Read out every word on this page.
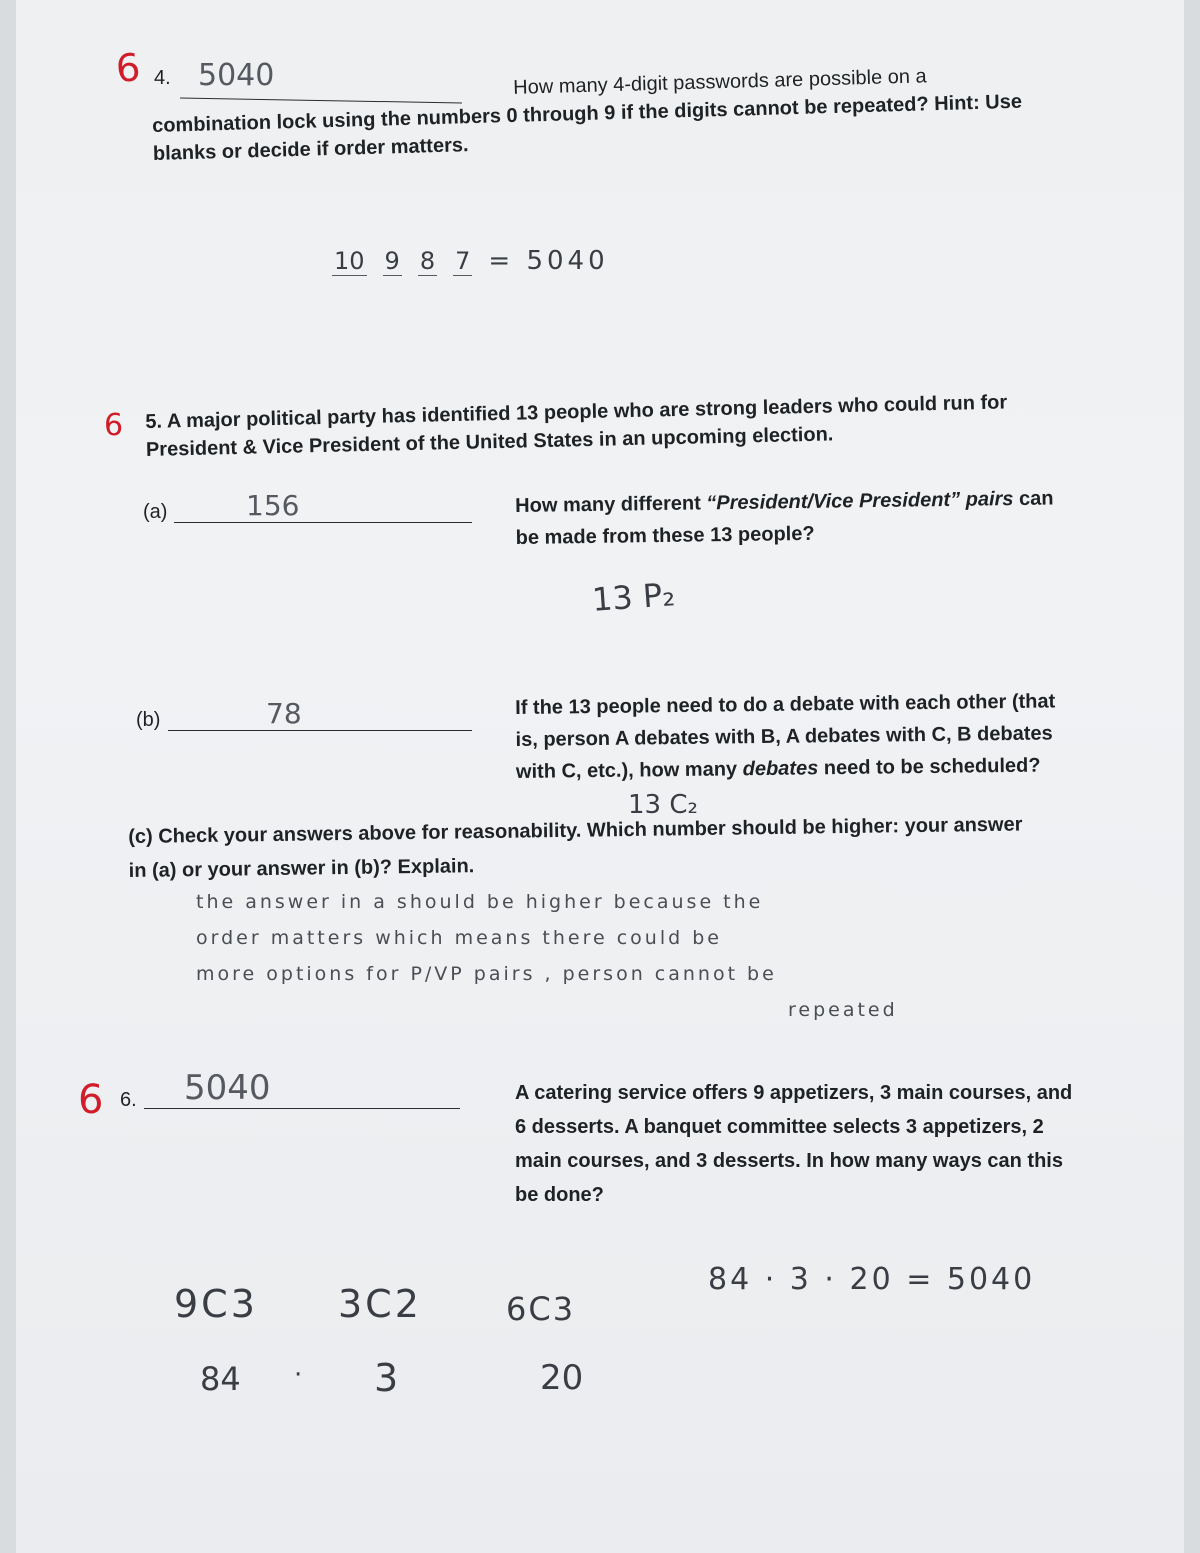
6 4. 5040	How many 4-digit passwords are possible on a
combination lock using the numbers 0 through 9 if the digits cannot be repeated? Hint: Use
blanks or decide if order matters.
10 9 8 7 = 5040
6 5. A major political party has identified 13 people who are strong leaders who could run for
President & Vice President of the United States in an upcoming election.
(a)	156	How many different “President/Vice President” pairs can
be made from these 13 people?
13 P₂
(b)	78	If the 13 people need to do a debate with each other (that
is, person A debates with B, A debates with C, B debates
with C, etc.), how many debates need to be scheduled?
13 C₂
(c) Check your answers above for reasonability. Which number should be higher: your answer
in (a) or your answer in (b)? Explain.
the answer in a should be higher because the
order matters which means there could be
more options for P/VP pairs , person cannot be
repeated
6 6. 5040	A catering service offers 9 appetizers, 3 main courses, and
6 desserts. A banquet committee selects 3 appetizers, 2
main courses, and 3 desserts. In how many ways can this
be done?
9C3 3C2	6C3
84 · 3 · 20 = 5040
84 · 3	20
